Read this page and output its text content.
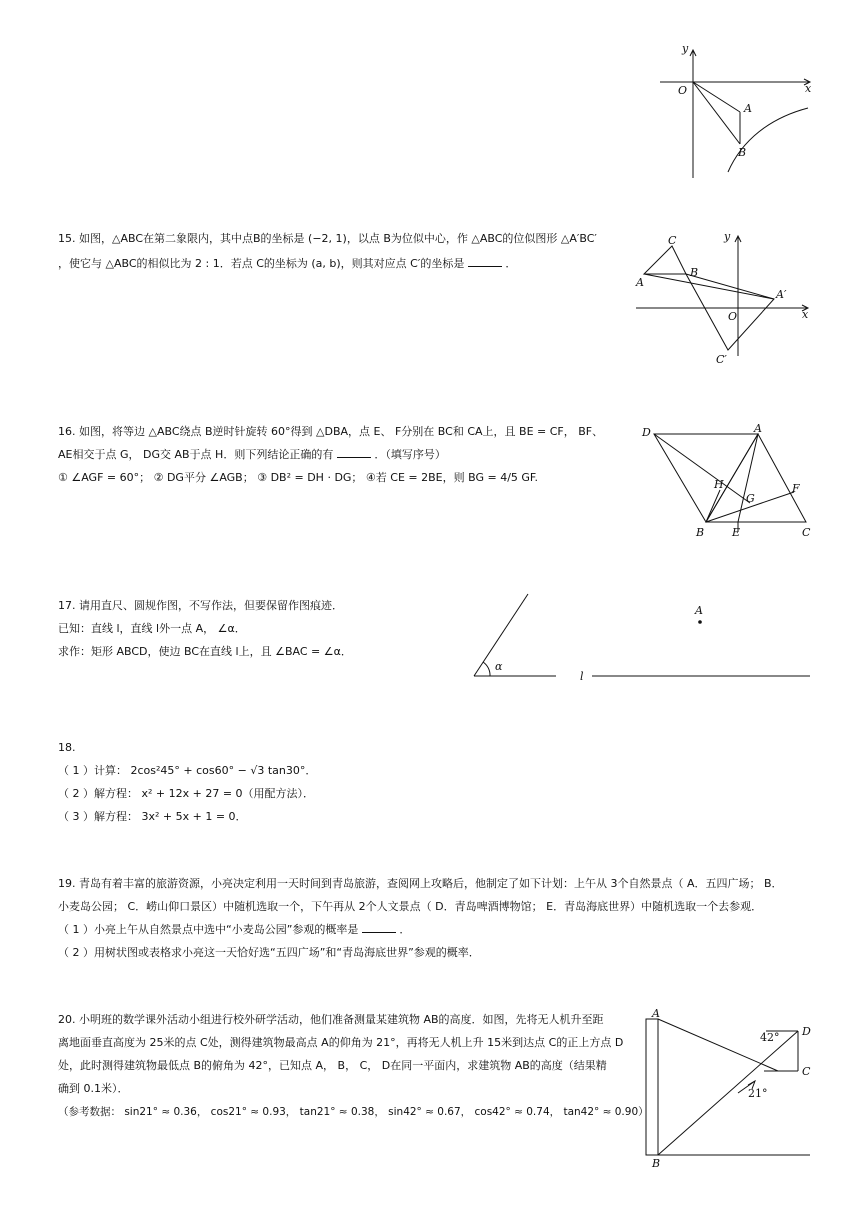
y
x
O
A
B
15. 如图，△ABC在第二象限内，其中点B的坐标是 (−2, 1)，以点 B为位似中心，作 △ABC的位似图形 △A′BC′
，使它与 △ABC的相似比为 2 : 1．若点 C的坐标为 (a, b)，则其对应点 C′的坐标是	．
C
B
A
A′
O
C′
y
x
16. 如图，将等边 △ABC绕点 B逆时针旋转 60°得到 △DBA，点 E、 F分别在 BC和 CA上，且 BE = CF， BF、
AE相交于点 G， DG交 AB于点 H．则下列结论正确的有	．（填写序号）
① ∠AGF = 60°； ② DG平分 ∠AGB； ③ DB² = DH · DG； ④若 CE = 2BE，则 BG = 4/5 GF.
D	A
H
G
F
B	E	C
17. 请用直尺、圆规作图，不写作法，但要保留作图痕迹．
已知：直线 l，直线 l外一点 A， ∠α．
求作：矩形 ABCD，使边 BC在直线 l上，且 ∠BAC = ∠α．
α
l
A
18.
（ 1 ）计算： 2cos²45° + cos60° − √3 tan30°．
（ 2 ）解方程： x² + 12x + 27 = 0（用配方法）．
（ 3 ）解方程： 3x² + 5x + 1 = 0．
19. 青岛有着丰富的旅游资源，小亮决定利用一天时间到青岛旅游，查阅网上攻略后，他制定了如下计划：上午从 3个自然景点（ A．五四广场； B．
小麦岛公园； C．崂山仰口景区）中随机选取一个，下午再从 2个人文景点（ D．青岛啤酒博物馆； E．青岛海底世界）中随机选取一个去参观．
（ 1 ）小亮上午从自然景点中选中“小麦岛公园”参观的概率是	．
（ 2 ）用树状图或表格求小亮这一天恰好选“五四广场”和“青岛海底世界”参观的概率．
20. 小明班的数学课外活动小组进行校外研学活动，他们准备测量某建筑物 AB的高度．如图，先将无人机升至距
离地面垂直高度为 25米的点 C处，测得建筑物最高点 A的仰角为 21°，再将无人机上升 15米到达点 C的正上方点 D
处，此时测得建筑物最低点 B的俯角为 42°，已知点 A， B， C， D在同一平面内，求建筑物 AB的高度（结果精
确到 0.1米）．
（参考数据： sin21° ≈ 0.36， cos21° ≈ 0.93， tan21° ≈ 0.38， sin42° ≈ 0.67， cos42° ≈ 0.74， tan42° ≈ 0.90）
A
B
C
D
42°
21°
